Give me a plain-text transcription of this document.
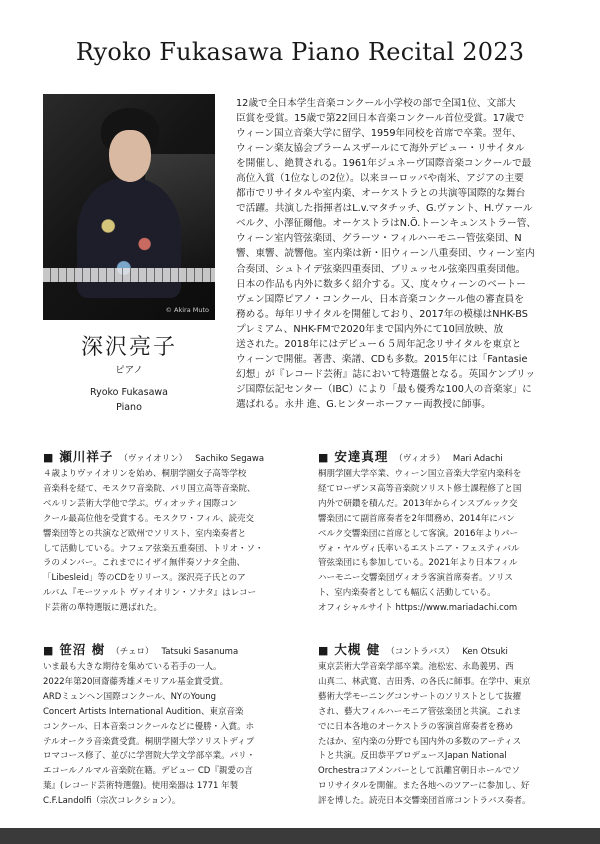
Ryoko Fukasawa Piano Recital 2023
© Akira Muto
深沢亮子
ピアノ
Ryoko Fukasawa
Piano
12歳で全日本学生音楽コンクール小学校の部で全国1位、文部大
臣賞を受賞。15歳で第22回日本音楽コンクール首位受賞。17歳で
ウィーン国立音楽大学に留学、1959年同校を首席で卒業。翌年、
ウィーン楽友協会ブラームスザールにて海外デビュー・リサイタル
を開催し、絶賛される。1961年ジュネーヴ国際音楽コンクールで最
高位入賞（1位なしの2位）。以来ヨーロッパや南米、アジアの主要
都市でリサイタルや室内楽、オーケストラとの共演等国際的な舞台
で活躍。共演した指揮者はL.v.マタチッチ、G.ヴァント、H.ヴァール
ベルク、小澤征爾他。オーケストラはN.Ö.トーンキュンストラー管、
ウィーン室内管弦楽団、グラーツ・フィルハーモニー管弦楽団、N
響、東響、読響他。室内楽は新・旧ウィーン八重奏団、ウィーン室内
合奏団、シュトイデ弦楽四重奏団、ブリュッセル弦楽四重奏団他。
日本の作品も内外に数多く紹介する。又、度々ウィーンのベートー
ヴェン国際ピアノ・コンクール、日本音楽コンクール他の審査員を
務める。毎年リサイタルを開催しており、2017年の模様はNHK-BS
プレミアム、NHK-FMで2020年まで国内外にて10回放映、放
送された。2018年にはデビュー６５周年記念リサイタルを東京と
ウィーンで開催。著書、楽譜、CDも多数。2015年には「Fantasie
幻想」が『レコード芸術』誌において特選盤となる。英国ケンブリッ
ジ国際伝記センター（IBC）により「最も優秀な100人の音楽家」に
選ばれる。永井 進、G.ヒンターホーファー両教授に師事。
■ 瀬川祥子 （ヴァイオリン） Sachiko Segawa
４歳よりヴァイオリンを始め、桐朋学園女子高等学校
音楽科を経て、モスクワ音楽院、パリ国立高等音楽院、
ベルリン芸術大学他で学ぶ。ヴィオッティ国際コン
クール最高位他を受賞する。モスクワ・フィル、読売交
響楽団等との共演など欧州でソリスト、室内楽奏者と
して活動している。ナフェア弦楽五重奏団、トリオ・ソ・
ラのメンバー。これまでにイザイ無伴奏ソナタ全曲、
「Libesleid」等のCDをリリース。深沢亮子氏とのア
ルバム『モーツァルト ヴァイオリン・ソナタ』はレコー
ド芸術の準特選版に選ばれた。
■ 安達真理 （ヴィオラ） Mari Adachi
桐朋学園大学卒業、ウィーン国立音楽大学室内楽科を
経てローザンヌ高等音楽院ソリスト修士課程修了と国
内外で研鑽を積んだ。2013年からインスブルック交
響楽団にて副首席奏者を2年間務め、2014年にバン
ベルク交響楽団に首席として客演。2016年よりパー
ヴォ・ヤルヴィ氏率いるエストニア・フェスティバル
管弦楽団にも参加している。2021年より日本フィル
ハーモニー交響楽団ヴィオラ客演首席奏者。ソリス
ト、室内楽奏者としても幅広く活動している。
オフィシャルサイト https://www.mariadachi.com
■ 笹沼 樹 （チェロ） Tatsuki Sasanuma
いま最も大きな期待を集めている若手の一人。
2022年第20回齋藤秀雄メモリアル基金賞受賞。
ARDミュンヘン国際コンクール、NYのYoung
Concert Artists International Audition、東京音楽
コンクール、日本音楽コンクールなどに優勝・入賞。ホ
テルオークラ音楽賞受賞。桐朋学園大学ソリストディプ
ロマコース修了、並びに学習院大学文学部卒業。パリ・
エコールノルマル音楽院在籍。デビュー CD『親愛の言
葉』(レコード芸術特選盤)。使用楽器は 1771 年製
C.F.Landolfi（宗次コレクション）。
■ 大槻 健 （コントラバス） Ken Otsuki
東京芸術大学音楽学部卒業。池松宏、永島義男、西
山真二、林武寛、吉田秀、の各氏に師事。在学中、東京
藝術大学モーニングコンサートのソリストとして抜擢
され、藝大フィルハーモニア管弦楽団と共演。これま
でに日本各地のオーケストラの客演首席奏者を務め
たほか、室内楽の分野でも国内外の多数のアーティス
トと共演。反田恭平プロデュースJapan National
Orchestraコアメンバーとして浜離宮朝日ホールでソ
ロリサイタルを開催。また各地へのツアーに参加し、好
評を博した。読売日本交響楽団首席コントラバス奏者。
